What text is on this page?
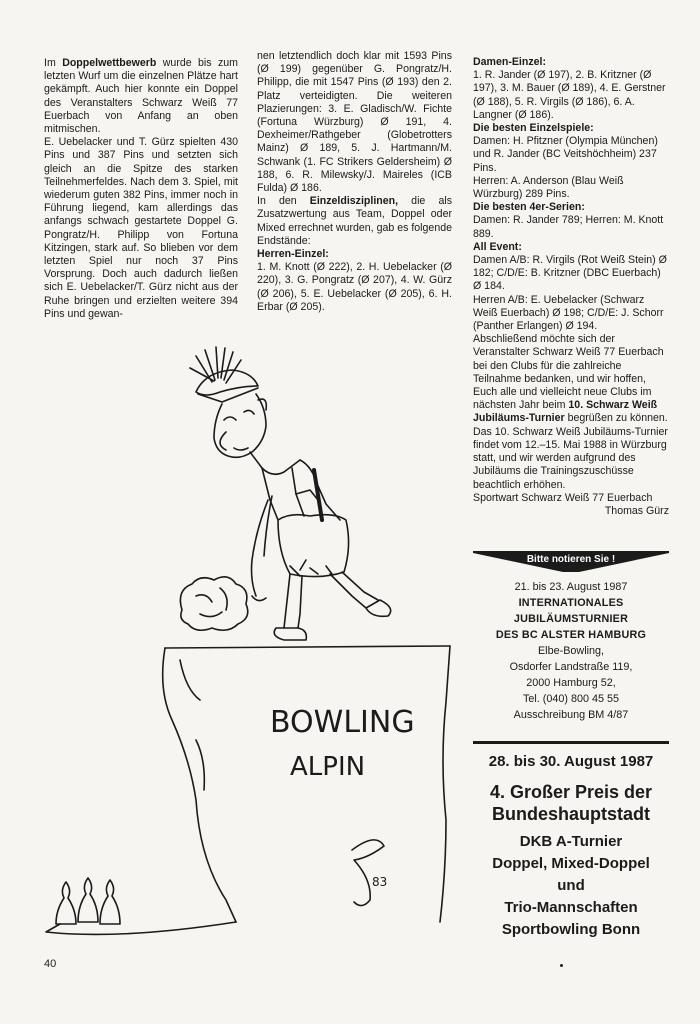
Im Doppelwettbewerb wurde bis zum letzten Wurf um die einzelnen Plätze hart gekämpft. Auch hier konnte ein Doppel des Veranstalters Schwarz Weiß 77 Euerbach von Anfang an oben mitmischen.

E. Uebelacker und T. Gürz spielten 430 Pins und 387 Pins und setzten sich gleich an die Spitze des starken Teilnehmerfeldes. Nach dem 3. Spiel, mit wiederum guten 382 Pins, immer noch in Führung liegend, kam allerdings das anfangs schwach gestartete Doppel G. Pongratz/H. Philipp von Fortuna Kitzingen, stark auf. So blieben vor dem letzten Spiel nur noch 37 Pins Vorsprung. Doch auch dadurch ließen sich E. Uebelacker/T. Gürz nicht aus der Ruhe bringen und erzielten weitere 394 Pins und gewan-

nen letztendlich doch klar mit 1593 Pins (Ø 199) gegenüber G. Pongratz/H. Philipp, die mit 1547 Pins (Ø 193) den 2. Platz verteidigten. Die weiteren Plazierungen: 3. E. Gladisch/W. Fichte (Fortuna Würzburg) Ø 191, 4. Dexheimer/Rathgeber (Globetrotters Mainz) Ø 189, 5. J. Hartmann/M. Schwank (1. FC Strikers Geldersheim) Ø 188, 6. R. Milewsky/J. Maireles (ICB Fulda) Ø 186.

In den Einzeldisziplinen, die als Zusatzwertung aus Team, Doppel oder Mixed errechnet wurden, gab es folgende Endstände:

Herren-Einzel:

1. M. Knott (Ø 222), 2. H. Uebelacker (Ø 220), 3. G. Pongratz (Ø 207), 4. W. Gürz (Ø 206), 5. E. Uebelacker (Ø 205), 6. H. Erbar (Ø 205).

Damen-Einzel:

1. R. Jander (Ø 197), 2. B. Kritzner (Ø 197), 3. M. Bauer (Ø 189), 4. E. Gerstner (Ø 188), 5. R. Virgils (Ø 186), 6. A. Langner (Ø 186).

Die besten Einzelspiele:

Damen: H. Pfitzner (Olympia München) und R. Jander (BC Veitshöchheim) 237 Pins.

Herren: A. Anderson (Blau Weiß Würzburg) 289 Pins.

Die besten 4er-Serien:

Damen: R. Jander 789; Herren: M. Knott 889.

All Event:

Damen A/B: R. Virgils (Rot Weiß Stein) Ø 182; C/D/E: B. Kritzner (DBC Euerbach) Ø 184.

Herren A/B: E. Uebelacker (Schwarz Weiß Euerbach) Ø 198; C/D/E: J. Schorr (Panther Erlangen) Ø 194.

Abschließend möchte sich der Veranstalter Schwarz Weiß 77 Euerbach bei den Clubs für die zahlreiche Teilnahme bedanken, und wir hoffen, Euch alle und vielleicht neue Clubs im nächsten Jahr beim 10. Schwarz Weiß Jubiläums-Turnier begrüßen zu können. Das 10. Schwarz Weiß Jubiläums-Turnier findet vom 12.–15. Mai 1988 in Würzburg statt, und wir werden aufgrund des Jubiläums die Trainingszuschüsse beachtlich erhöhen.

Sportwart Schwarz Weiß 77 Euerbach

Thomas Gürz

Bitte notieren Sie !
21. bis 23. August 1987
INTERNATIONALES
JUBILÄUMSTURNIER
DES BC ALSTER HAMBURG
Elbe-Bowling,
Osdorfer Landstraße 119,
2000 Hamburg 52,
Tel. (040) 800 45 55
Ausschreibung BM 4/87
28. bis 30. August 1987
4. Großer Preis der
Bundeshauptstadt
DKB A-Turnier
Doppel, Mixed-Doppel
und
Trio-Mannschaften
Sportbowling Bonn
BOWLING
ALPIN
83
40
